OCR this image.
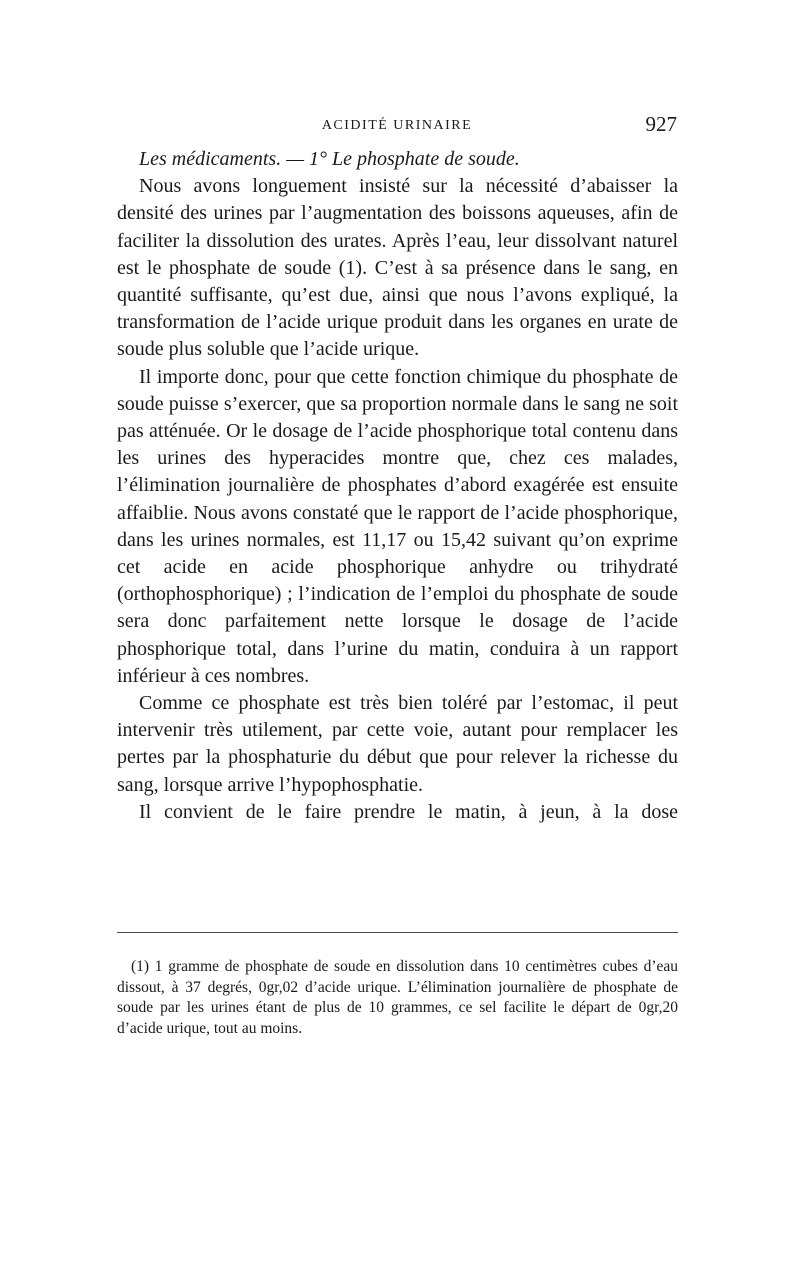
ACIDITÉ URINAIRE	927

Les médicaments. — 1° Le phosphate de soude.

Nous avons longuement insisté sur la nécessité d’abaisser la densité des urines par l’augmentation des boissons aqueuses, afin de faciliter la dissolution des urates. Après l’eau, leur dissolvant naturel est le phosphate de soude (1). C’est à sa présence dans le sang, en quantité suffisante, qu’est due, ainsi que nous l’avons expliqué, la transformation de l’acide urique produit dans les organes en urate de soude plus soluble que l’acide urique.

Il importe donc, pour que cette fonction chimique du phosphate de soude puisse s’exercer, que sa proportion normale dans le sang ne soit pas atténuée. Or le dosage de l’acide phosphorique total contenu dans les urines des hyperacides montre que, chez ces malades, l’élimination journalière de phosphates d’abord exagérée est ensuite affaiblie. Nous avons constaté que le rapport de l’acide phosphorique, dans les urines normales, est 11,17 ou 15,42 suivant qu’on exprime cet acide en acide phosphorique anhydre ou trihydraté (orthophosphorique) ; l’indication de l’emploi du phosphate de soude sera donc parfaitement nette lorsque le dosage de l’acide phosphorique total, dans l’urine du matin, conduira à un rapport inférieur à ces nombres.

Comme ce phosphate est très bien toléré par l’estomac, il peut intervenir très utilement, par cette voie, autant pour remplacer les pertes par la phosphaturie du début que pour relever la richesse du sang, lorsque arrive l’hypophosphatie.

Il convient de le faire prendre le matin, à jeun, à la dose

(1) 1 gramme de phosphate de soude en dissolution dans 10 centimètres cubes d’eau dissout, à 37 degrés, 0gr,02 d’acide urique. L’élimination journalière de phosphate de soude par les urines étant de plus de 10 grammes, ce sel facilite le départ de 0gr,20 d’acide urique, tout au moins.
